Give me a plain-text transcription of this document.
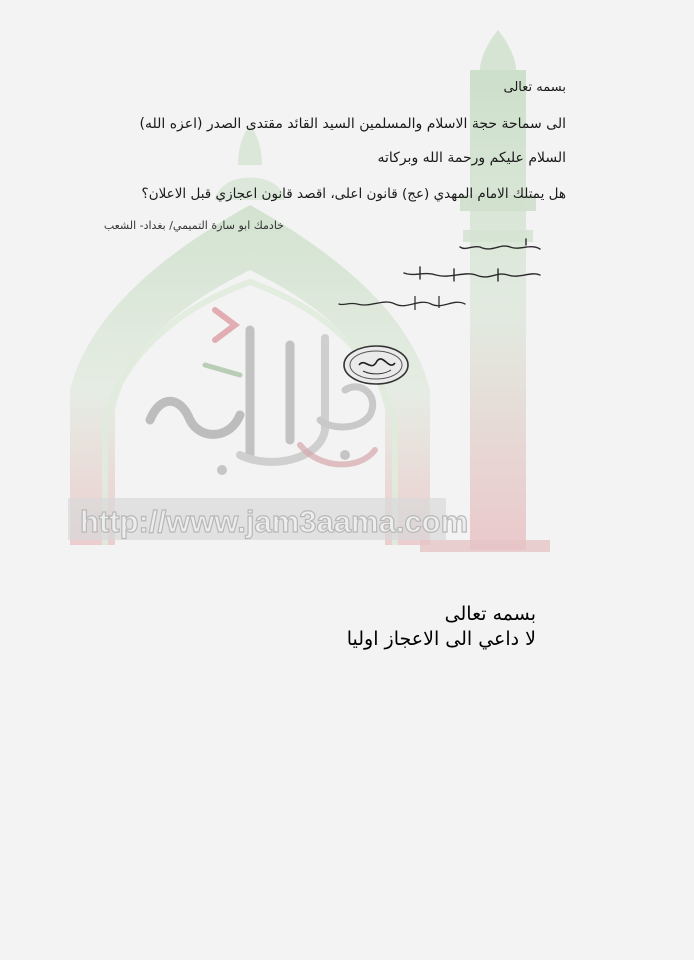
http://www.jam3aama.com
بسمه تعالى
الى سماحة حجة الاسلام والمسلمين السيد القائد مقتدى الصدر (اعزه الله)
السلام عليكم ورحمة الله وبركاته
هل يمتلك الامام المهدي (عج) قانون اعلى، اقصد قانون اعجازي قبل الاعلان؟
خادمك ابو سارة التميمي/ بغداد- الشعب
بسمه تعالى
لا داعي الى الاعجاز اوليا
